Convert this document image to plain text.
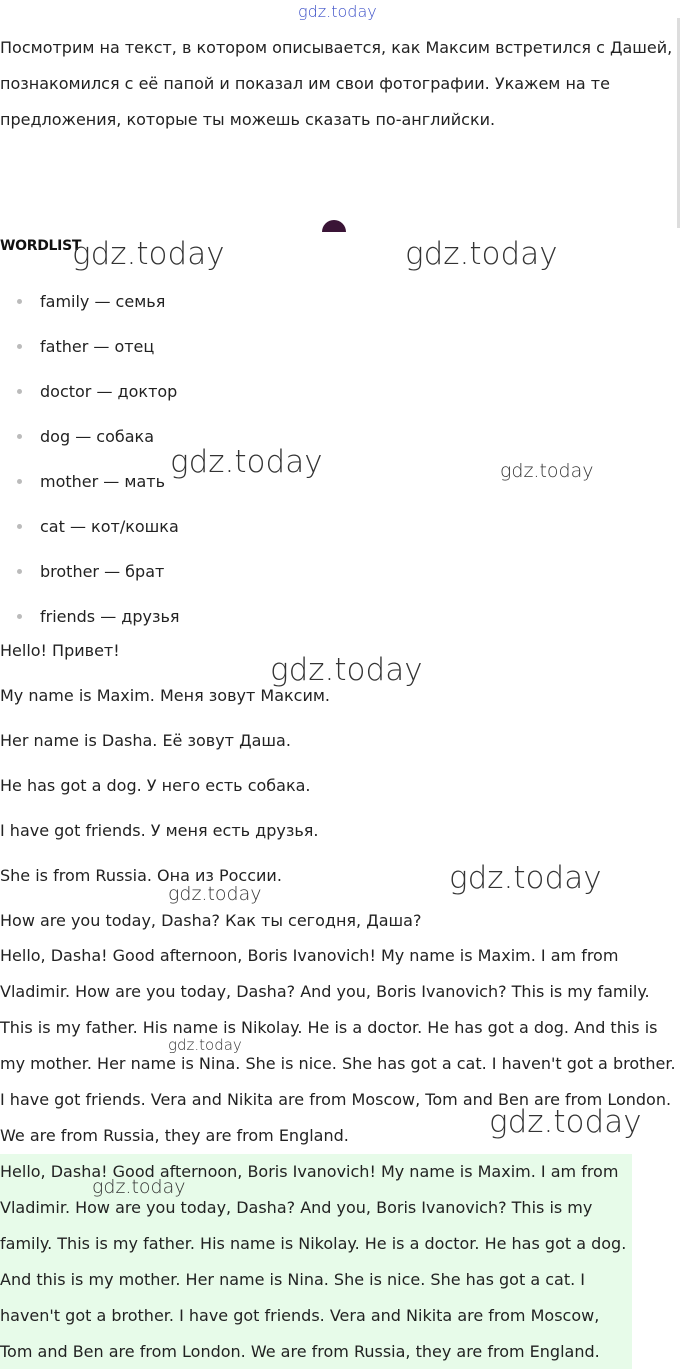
gdz.today

Посмотрим на текст, в котором описывается, как Максим встретился с Дашей, познакомился с её папой и показал им свои фотографии. Укажем на те предложения, которые ты можешь сказать по-английски.

WORDLIST
family — семья
father — отец
doctor — доктор
dog — собака
mother — мать
cat — кот/кошка
brother — брат
friends — друзья
Hello! Привет!
My name is Maxim. Меня зовут Максим.
Her name is Dasha. Её зовут Даша.
He has got a dog. У него есть собака.
I have got friends. У меня есть друзья.
She is from Russia. Она из России.
How are you today, Dasha? Как ты сегодня, Даша?

Hello, Dasha! Good afternoon, Boris Ivanovich! My name is Maxim. I am from Vladimir. How are you today, Dasha? And you, Boris Ivanovich? This is my family. This is my father. His name is Nikolay. He is a doctor. He has got a dog. And this is my mother. Her name is Nina. She is nice. She has got a cat. I haven't got a brother. I have got friends. Vera and Nikita are from Moscow, Tom and Ben are from London. We are from Russia, they are from England.

Hello, Dasha! Good afternoon, Boris Ivanovich! My name is Maxim. I am from Vladimir. How are you today, Dasha? And you, Boris Ivanovich? This is my family. This is my father. His name is Nikolay. He is a doctor. He has got a dog. And this is my mother. Her name is Nina. She is nice. She has got a cat. I haven't got a brother. I have got friends. Vera and Nikita are from Moscow, Tom and Ben are from London. We are from Russia, they are from England.

gdz.today	gdz.today
gdz.today	gdz.today
gdz.today
gdz.today	gdz.today
gdz.today
gdz.today
gdz.today
